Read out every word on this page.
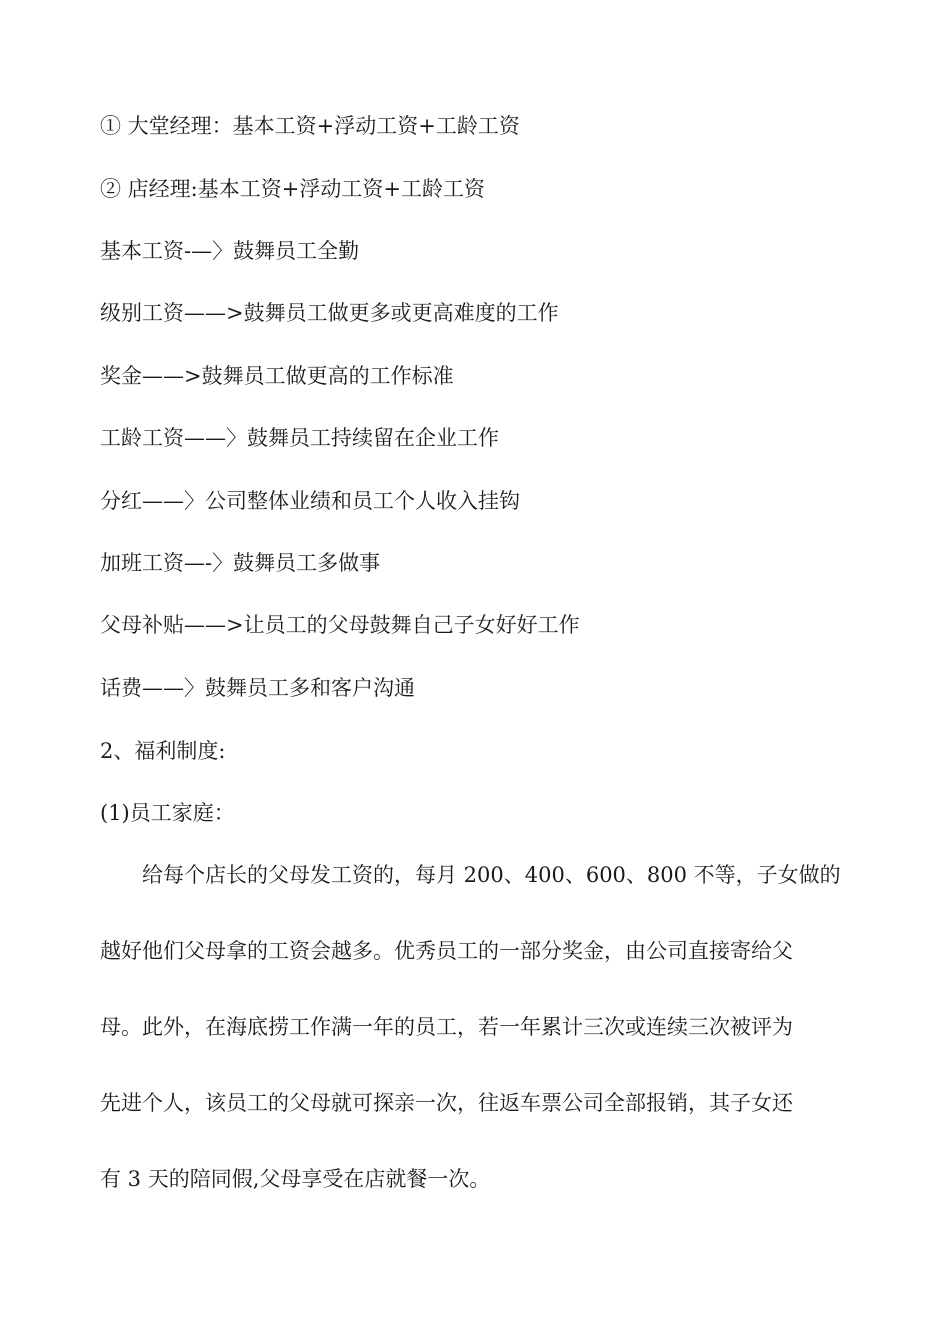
① 大堂经理：基本工资+浮动工资+工龄工资
② 店经理:基本工资+浮动工资+工龄工资
基本工资-—〉鼓舞员工全勤
级别工资——>鼓舞员工做更多或更高难度的工作
奖金——>鼓舞员工做更高的工作标准
工龄工资——〉鼓舞员工持续留在企业工作
分红——〉公司整体业绩和员工个人收入挂钩
加班工资—-〉鼓舞员工多做事
父母补贴——>让员工的父母鼓舞自己子女好好工作
话费——〉鼓舞员工多和客户沟通
2、福利制度:
(1)员工家庭：
给每个店长的父母发工资的，每月 200、400、600、800 不等，子女做的
越好他们父母拿的工资会越多。优秀员工的一部分奖金，由公司直接寄给父
母。此外，在海底捞工作满一年的员工，若一年累计三次或连续三次被评为
先进个人，该员工的父母就可探亲一次，往返车票公司全部报销，其子女还
有 3 天的陪同假,父母享受在店就餐一次。
